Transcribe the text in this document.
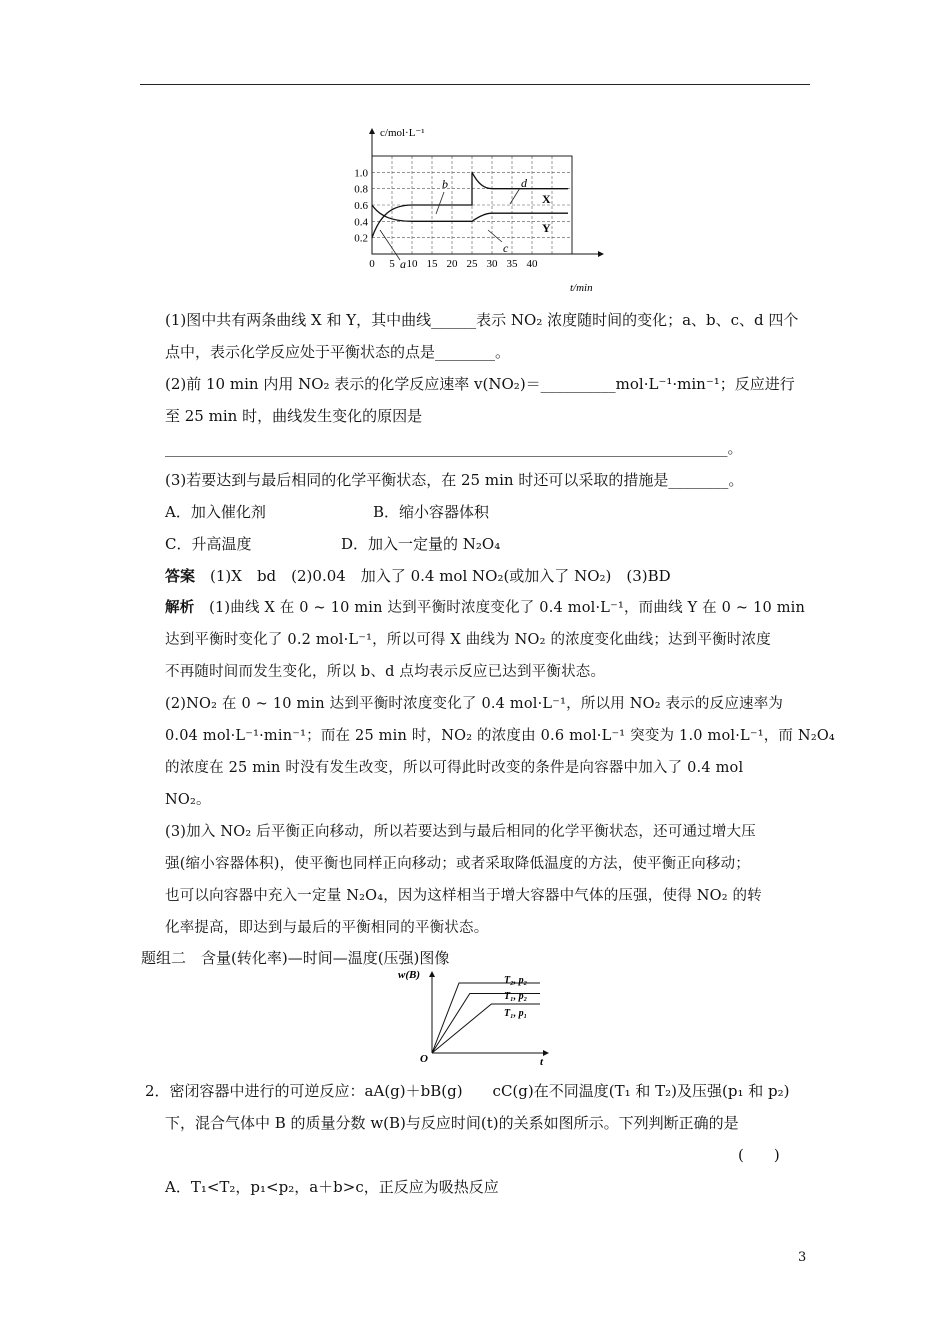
c/mol·L⁻¹
t/min
1.0
0.8
0.6
0.4
0.2
0 5 10 15 20 25 30 35 40
a
b
c
d
X
Y
(1)图中共有两条曲线 X 和 Y，其中曲线______表示 NO₂ 浓度随时间的变化；a、b、c、d 四个
点中，表示化学反应处于平衡状态的点是________。
(2)前 10 min 内用 NO₂ 表示的化学反应速率 v(NO₂)＝__________mol·L⁻¹·min⁻¹；反应进行
至 25 min 时，曲线发生变化的原因是
___________________________________________________________________________。
(3)若要达到与最后相同的化学平衡状态，在 25 min 时还可以采取的措施是________。
A．加入催化剂	B．缩小容器体积
C．升高温度	D．加入一定量的 N₂O₄
答案　 (1)X　bd　(2)0.04　加入了 0.4 mol NO₂(或加入了 NO₂)　(3)BD
解析　 (1)曲线 X 在 0 ~ 10 min 达到平衡时浓度变化了 0.4 mol·L⁻¹，而曲线 Y 在 0 ~ 10 min
达到平衡时变化了 0.2 mol·L⁻¹，所以可得 X 曲线为 NO₂ 的浓度变化曲线；达到平衡时浓度
不再随时间而发生变化，所以 b、d 点均表示反应已达到平衡状态。
(2)NO₂ 在 0 ~ 10 min 达到平衡时浓度变化了 0.4 mol·L⁻¹，所以用 NO₂ 表示的反应速率为
0.04 mol·L⁻¹·min⁻¹；而在 25 min 时，NO₂ 的浓度由 0.6 mol·L⁻¹ 突变为 1.0 mol·L⁻¹，而 N₂O₄
的浓度在 25 min 时没有发生改变，所以可得此时改变的条件是向容器中加入了 0.4 mol
NO₂。
(3)加入 NO₂ 后平衡正向移动，所以若要达到与最后相同的化学平衡状态，还可通过增大压
强(缩小容器体积)，使平衡也同样正向移动；或者采取降低温度的方法，使平衡正向移动；
也可以向容器中充入一定量 N₂O₄，因为这样相当于增大容器中气体的压强，使得 NO₂ 的转
化率提高，即达到与最后的平衡相同的平衡状态。
题组二　含量(转化率)—时间—温度(压强)图像
w(B)
t
O
T₂, p₂
T₁, p₂
T₁, p₁
2．密闭容器中进行的可逆反应：aA(g)＋bB(g)　　cC(g)在不同温度(T₁ 和 T₂)及压强(p₁ 和 p₂)
下，混合气体中 B 的质量分数 w(B)与反应时间(t)的关系如图所示。下列判断正确的是
(　　)
A．T₁<T₂，p₁<p₂，a＋b>c，正反应为吸热反应
3
